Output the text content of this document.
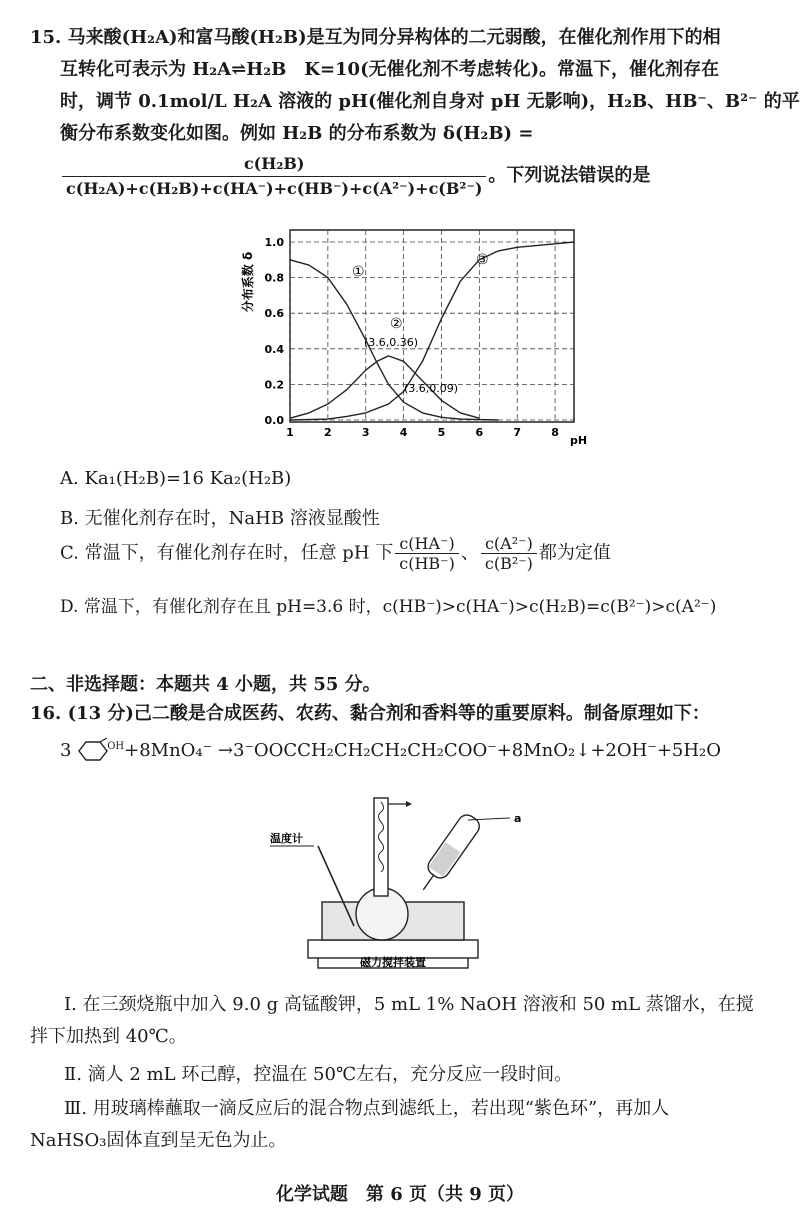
15. 马来酸(H₂A)和富马酸(H₂B)是互为同分异构体的二元弱酸，在催化剂作用下的相
互转化可表示为 H₂A⇌H₂B　K=10(无催化剂不考虑转化)。常温下，催化剂存在
时，调节 0.1mol/L H₂A 溶液的 pH(催化剂自身对 pH 无影响)，H₂B、HB⁻、B²⁻ 的平
衡分布系数变化如图。例如 H₂B 的分布系数为 δ(H₂B) =
$\frac{\text{c(H₂B)}}{\text{c(H₂A)+c(H₂B)+c(HA⁻)+c(HB⁻)+c(A²⁻)+c(B²⁻)}}$ 。下列说法错误的是
1	2	3	4	5	6	7	8
0.0
0.2
0.4
0.6
0.8
1.0
分布系数 δ
pH
①
②
③
(3.6,0.36)
(3.6,0.09)
A. Ka₁(H₂B)=16 Ka₂(H₂B)
B. 无催化剂存在时，NaHB 溶液显酸性
C. 常温下，有催化剂存在时，任意 pH 下 $\frac{c(HA^-)}{c(HB^-)}$ 、 $\frac{\text{c(A²⁻)}}{\text{c(B²⁻)}}$ 都为定值
D. 常温下，有催化剂存在且 pH=3.6 时，c(HB⁻)>c(HA⁻)>c(H₂B)=c(B²⁻)>c(A²⁻)
二、非选择题：本题共 4 小题，共 55 分。
16. (13 分)己二酸是合成医药、农药、黏合剂和香料等的重要原料。制备原理如下：
3	$^{OH}$+8MnO₄⁻ →3⁻OOCCH₂CH₂CH₂CH₂COO⁻+8MnO₂↓+2OH⁻+5H₂O
温度计
a
磁力搅拌装置
Ⅰ. 在三颈烧瓶中加入 9.0 g 高锰酸钾，5 mL 1% NaOH 溶液和 50 mL 蒸馏水，在搅
拌下加热到 40℃。
Ⅱ. 滴人 2 mL 环己醇，控温在 50℃左右，充分反应一段时间。
Ⅲ. 用玻璃棒蘸取一滴反应后的混合物点到滤纸上，若出现“紫色环”，再加人
NaHSO₃固体直到呈无色为止。
化学试题　第 6 页（共 9 页）
